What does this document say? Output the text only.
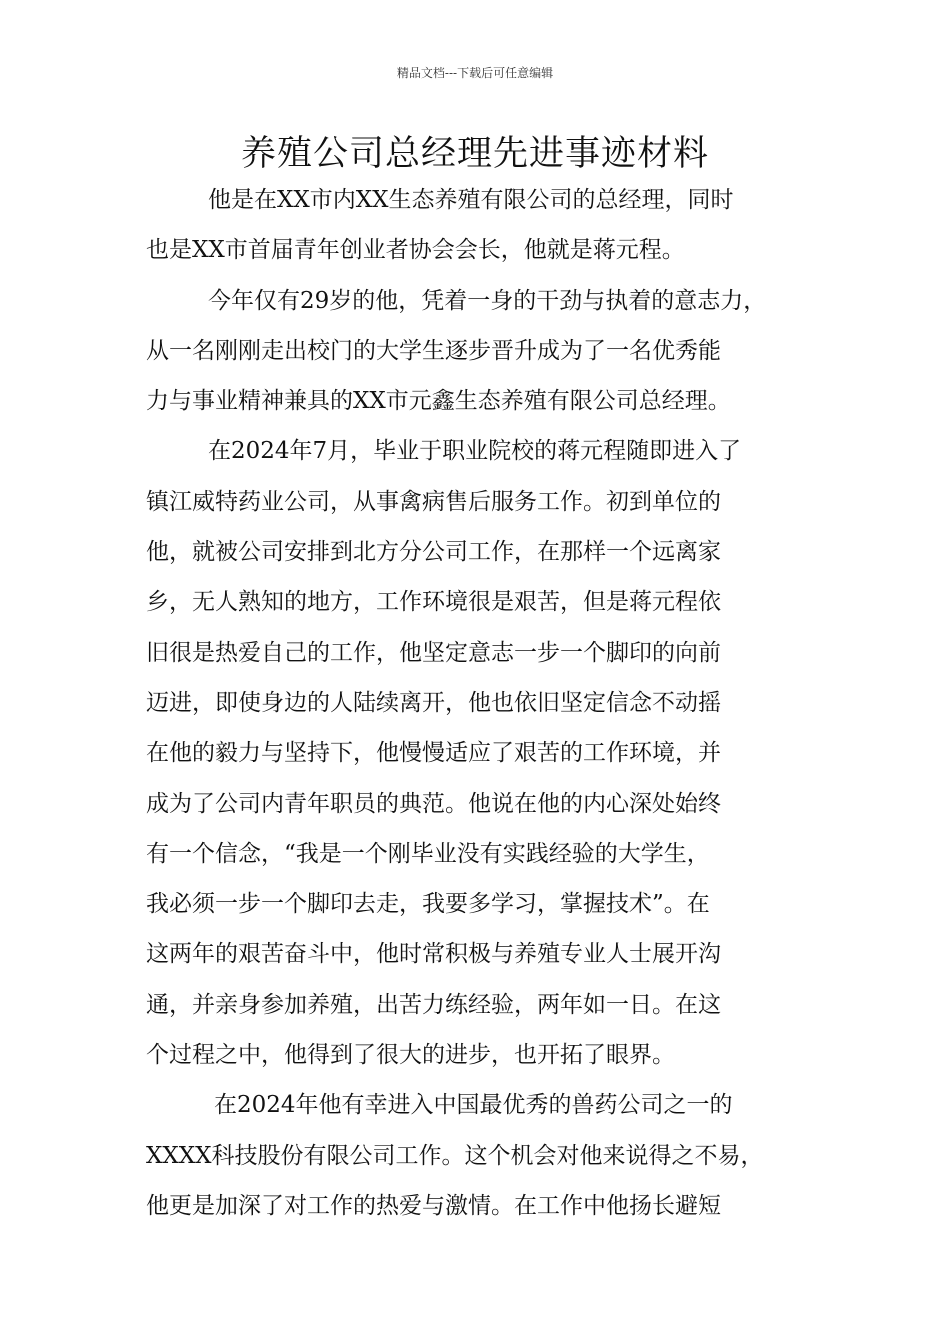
精品文档---下载后可任意编辑
养殖公司总经理先进事迹材料
他是在XX市内XX生态养殖有限公司的总经理，同时
也是XX市首届青年创业者协会会长，他就是蒋元程。
今年仅有29岁的他，凭着一身的干劲与执着的意志力，
从一名刚刚走出校门的大学生逐步晋升成为了一名优秀能
力与事业精神兼具的XX市元鑫生态养殖有限公司总经理。
在2024年7月，毕业于职业院校的蒋元程随即进入了
镇江威特药业公司，从事禽病售后服务工作。初到单位的
他，就被公司安排到北方分公司工作，在那样一个远离家
乡，无人熟知的地方，工作环境很是艰苦，但是蒋元程依
旧很是热爱自己的工作，他坚定意志一步一个脚印的向前
迈进，即使身边的人陆续离开，他也依旧坚定信念不动摇
在他的毅力与坚持下，他慢慢适应了艰苦的工作环境，并
成为了公司内青年职员的典范。他说在他的内心深处始终
有一个信念，“我是一个刚毕业没有实践经验的大学生，
我必须一步一个脚印去走，我要多学习，掌握技术”。在
这两年的艰苦奋斗中，他时常积极与养殖专业人士展开沟
通，并亲身参加养殖，出苦力练经验，两年如一日。在这
个过程之中，他得到了很大的进步，也开拓了眼界。
在2024年他有幸进入中国最优秀的兽药公司之一的
XXXX科技股份有限公司工作。这个机会对他来说得之不易，
他更是加深了对工作的热爱与激情。在工作中他扬长避短
